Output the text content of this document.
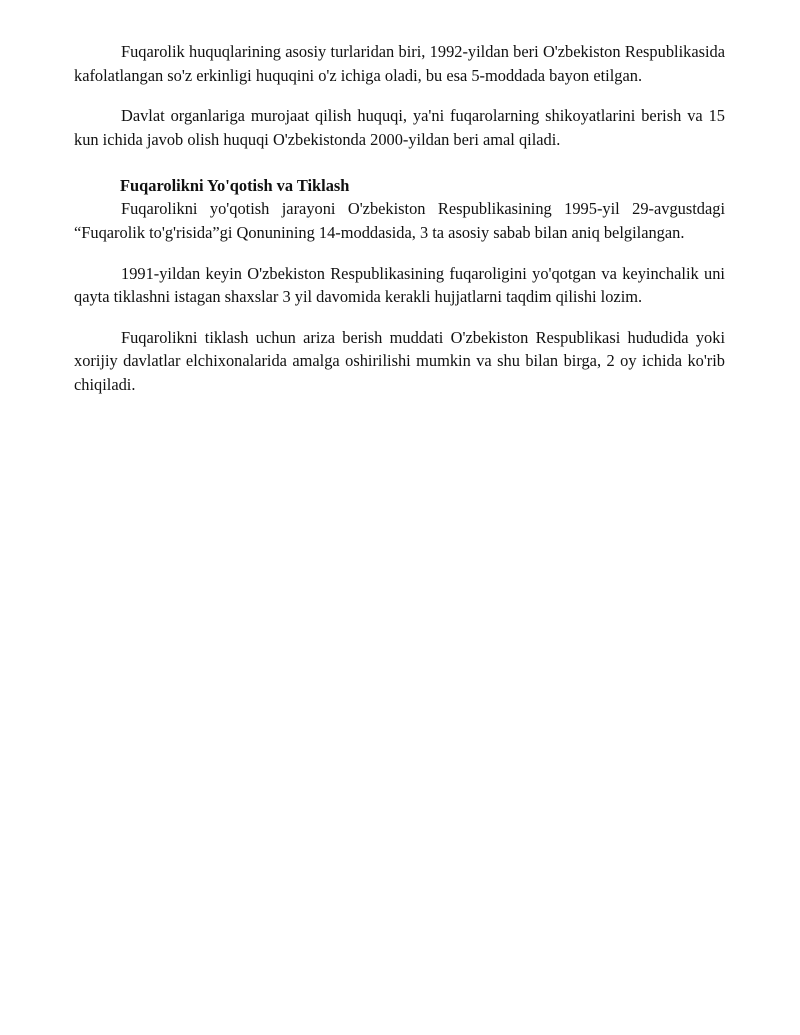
Fuqarolik huquqlarining asosiy turlaridan biri, 1992-yildan beri O'zbekiston Respublikasida kafolatlangan so'z erkinligi huquqini o'z ichiga oladi, bu esa 5-moddada bayon etilgan.

Davlat organlariga murojaat qilish huquqi, ya'ni fuqarolarning shikoyatlarini berish va 15 kun ichida javob olish huquqi O'zbekistonda 2000-yildan beri amal qiladi.

Fuqarolikni Yo'qotish va Tiklash

Fuqarolikni yo'qotish jarayoni O'zbekiston Respublikasining 1995-yil 29-avgustdagi “Fuqarolik to'g'risida”gi Qonunining 14-moddasida, 3 ta asosiy sabab bilan aniq belgilangan.

1991-yildan keyin O'zbekiston Respublikasining fuqaroligini yo'qotgan va keyinchalik uni qayta tiklashni istagan shaxslar 3 yil davomida kerakli hujjatlarni taqdim qilishi lozim.

Fuqarolikni tiklash uchun ariza berish muddati O'zbekiston Respublikasi hududida yoki xorijiy davlatlar elchixonalarida amalga oshirilishi mumkin va shu bilan birga, 2 oy ichida ko'rib chiqiladi.
